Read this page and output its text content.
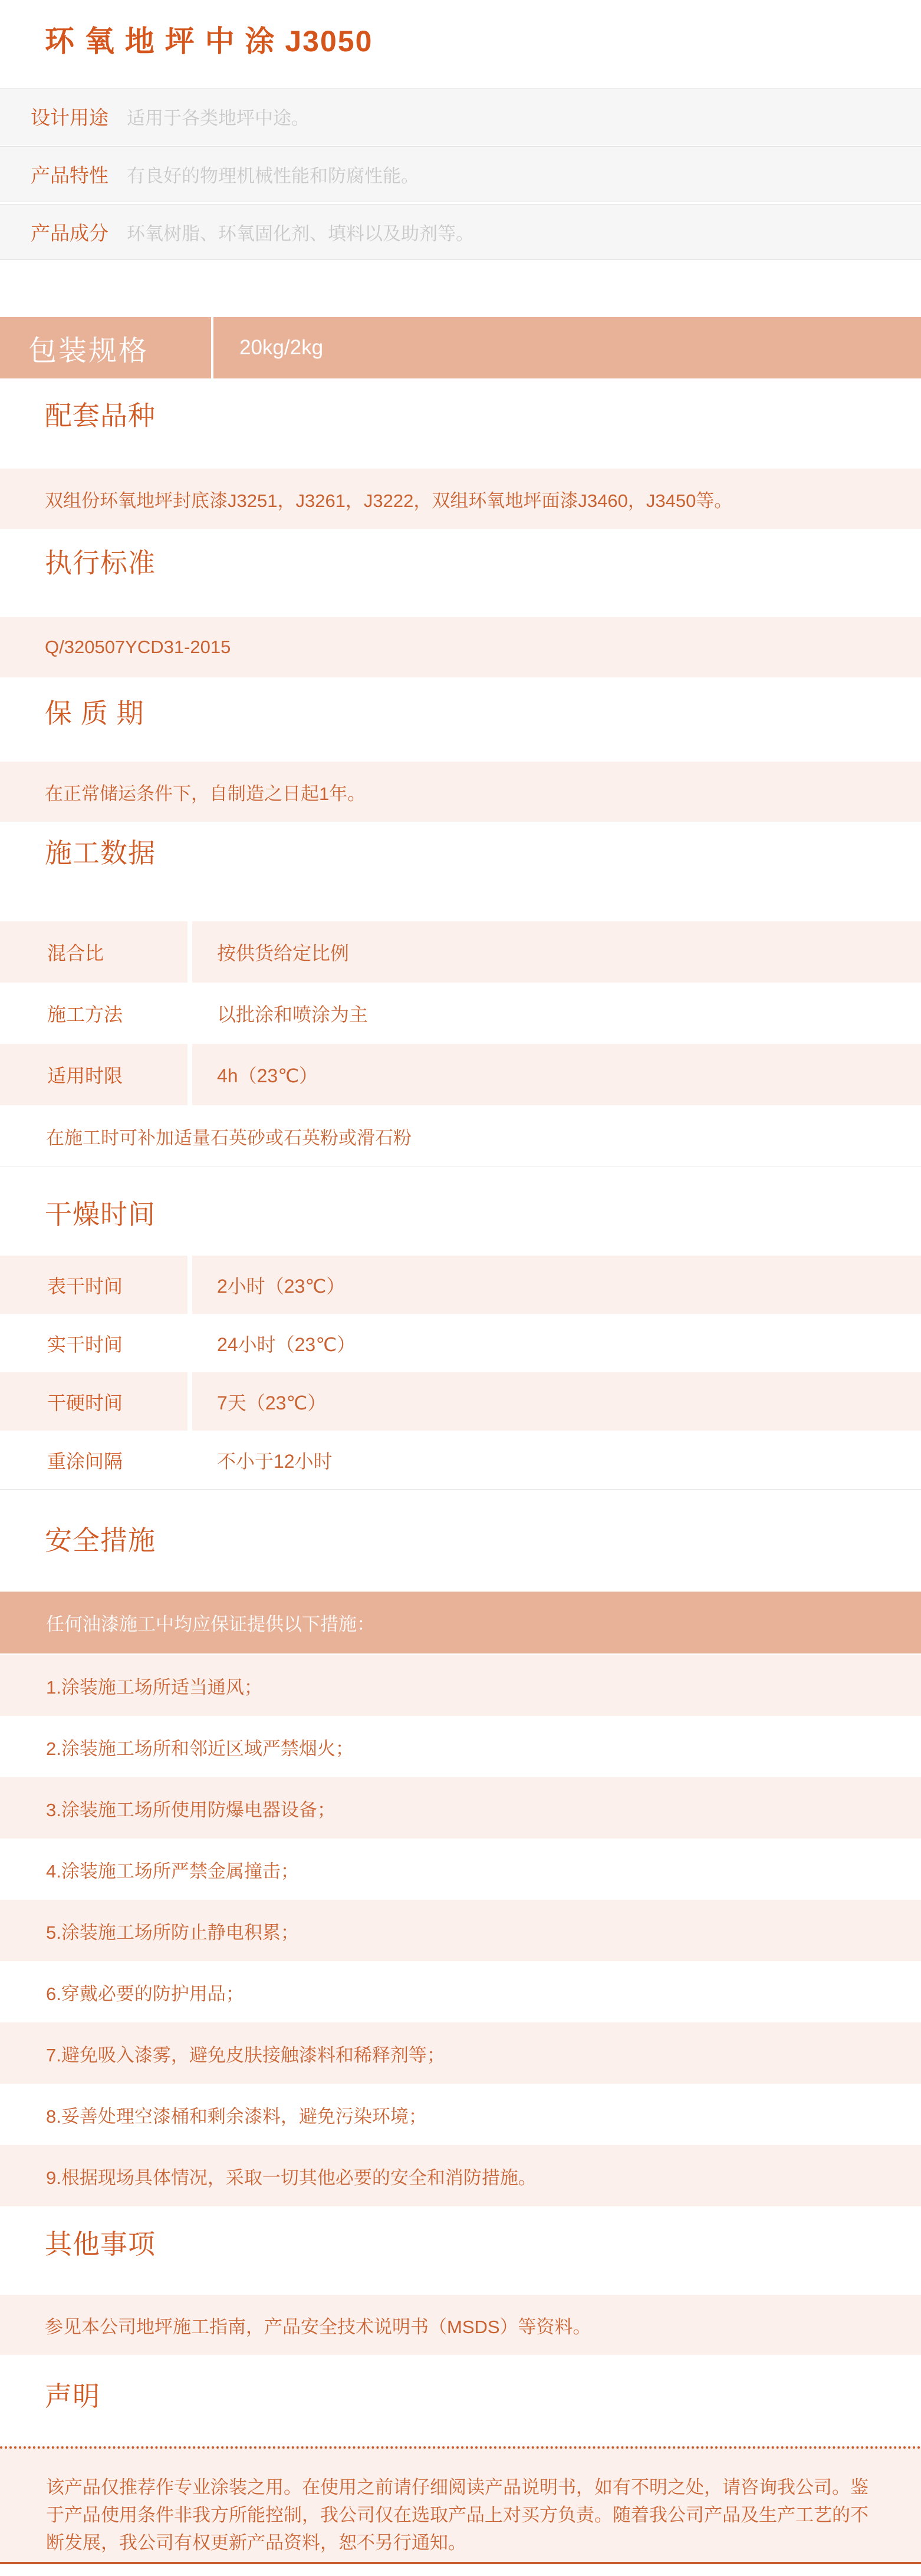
环 氧 地 坪 中 涂 J3050
设计用途	适用于各类地坪中途。
产品特性	有良好的物理机械性能和防腐性能。
产品成分	环氧树脂、环氧固化剂、填料以及助剂等。
包装规格	20kg/2kg
配套品种
双组份环氧地坪封底漆J3251，J3261，J3222，双组环氧地坪面漆J3460，J3450等。
执行标准
Q/320507YCD31-2015
保 质 期
在正常储运条件下，自制造之日起1年。
施工数据
混合比	按供货给定比例
施工方法	以批涂和喷涂为主
适用时限	4h（23℃）
在施工时可补加适量石英砂或石英粉或滑石粉
干燥时间
表干时间	2小时（23℃）
实干时间	24小时（23℃）
干硬时间	7天（23℃）
重涂间隔	不小于12小时
安全措施
任何油漆施工中均应保证提供以下措施：
1.涂装施工场所适当通风；
2.涂装施工场所和邻近区域严禁烟火；
3.涂装施工场所使用防爆电器设备；
4.涂装施工场所严禁金属撞击；
5.涂装施工场所防止静电积累；
6.穿戴必要的防护用品；
7.避免吸入漆雾，避免皮肤接触漆料和稀释剂等；
8.妥善处理空漆桶和剩余漆料，避免污染环境；
9.根据现场具体情况，采取一切其他必要的安全和消防措施。
其他事项
参见本公司地坪施工指南，产品安全技术说明书（MSDS）等资料。
声明
该产品仅推荐作专业涂装之用。在使用之前请仔细阅读产品说明书，如有不明之处，请咨询我公司。鉴于产品使用条件非我方所能控制，我公司仅在选取产品上对买方负责。随着我公司产品及生产工艺的不断发展，我公司有权更新产品资料，恕不另行通知。
